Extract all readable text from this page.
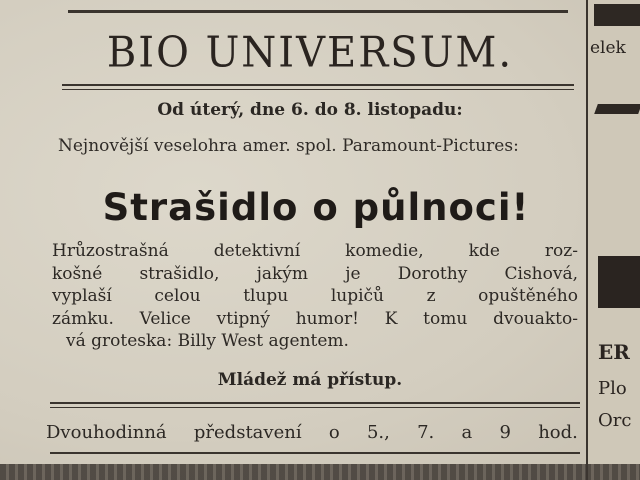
BIO UNIVERSUM.
Od úterý, dne 6. do 8. listopadu:
Nejnovější veselohra amer. spol. Paramount-Pictures:
Strašidlo o půlnoci!
Hrůzostrašná detektivní komedie, kde roz-
košné strašidlo, jakým je Dorothy Cishová,
vyplaší celou tlupu lupičů z opuštěného
zámku. Velice vtipný humor! K tomu dvouakto-
vá groteska: Billy West agentem.
Mládež má přístup.
Dvouhodinná představení o 5., 7. a 9 hod.
elek
ER
Plo
Orc
